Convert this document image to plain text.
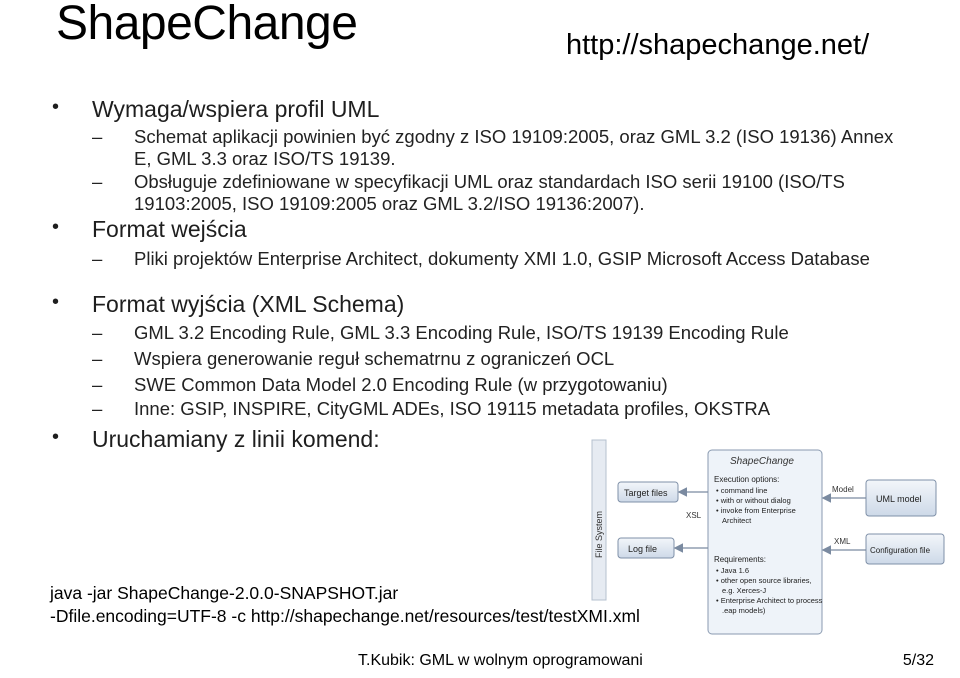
ShapeChange	http://shapechange.net/
• Wymaga/wspiera profil UML
– Schemat aplikacji powinien być zgodny z ISO 19109:2005, oraz GML 3.2 (ISO 19136) Annex E, GML 3.3 oraz ISO/TS 19139.
– Obsługuje zdefiniowane w specyfikacji UML oraz standardach ISO serii 19100 (ISO/TS 19103:2005, ISO 19109:2005 oraz GML 3.2/ISO 19136:2007).
• Format wejścia
– Pliki projektów Enterprise Architect, dokumenty XMI 1.0, GSIP Microsoft Access Database
• Format wyjścia (XML Schema)
– GML 3.2 Encoding Rule, GML 3.3 Encoding Rule, ISO/TS 19139 Encoding Rule
– Wspiera generowanie reguł schematrnu z ograniczeń OCL
– SWE Common Data Model 2.0 Encoding Rule (w przygotowaniu)
– Inne: GSIP, INSPIRE, CityGML ADEs, ISO 19115 metadata profiles, OKSTRA
• Uruchamiany z linii komend:
File System
Target files
Log file
ShapeChange
Execution options:
• command line
• with or without dialog
• invoke from Enterprise
Architect
Requirements:
• Java 1.6
• other open source libraries,
e.g. Xerces-J
• Enterprise Architect to process
.eap models)
UML model
Configuration file
XSL
Model
XML
java -jar ShapeChange-2.0.0-SNAPSHOT.jar
-Dfile.encoding=UTF-8 -c http://shapechange.net/resources/test/testXMI.xml
T.Kubik: GML w wolnym oprogramowani	5/32
